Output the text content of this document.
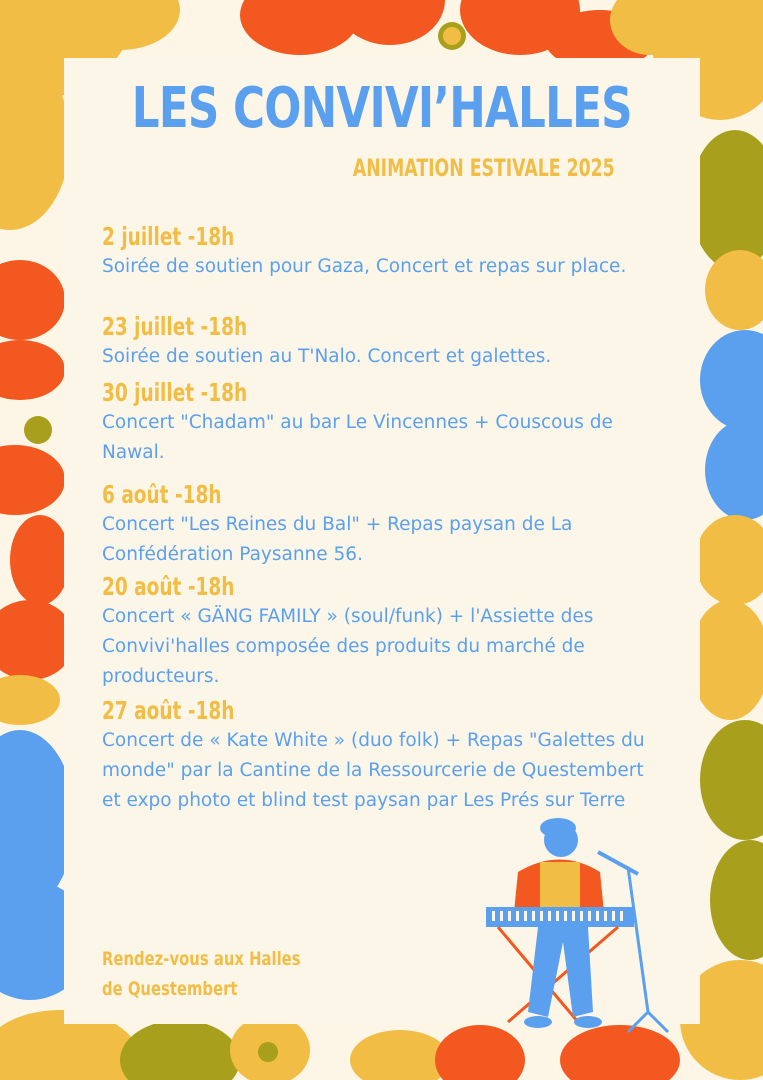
LES CONVIVI’HALLES
ANIMATION ESTIVALE 2025
2 juillet -18h

Soirée de soutien pour Gaza, Concert et repas sur place.

23 juillet -18h

Soirée de soutien au T'Nalo. Concert et galettes.

30 juillet -18h

Concert "Chadam" au bar Le Vincennes + Couscous de Nawal.

6 août -18h

Concert "Les Reines du Bal" + Repas paysan de La Confédération Paysanne 56.

20 août -18h

Concert « GÄNG FAMILY » (soul/funk) + l'Assiette des Convivi'halles composée des produits du marché de producteurs.

27 août -18h

Concert de « Kate White » (duo folk) + Repas "Galettes du monde" par la Cantine de la Ressourcerie de Questembert et expo photo et blind test paysan par Les Prés sur Terre

Rendez-vous aux Halles
de Questembert
